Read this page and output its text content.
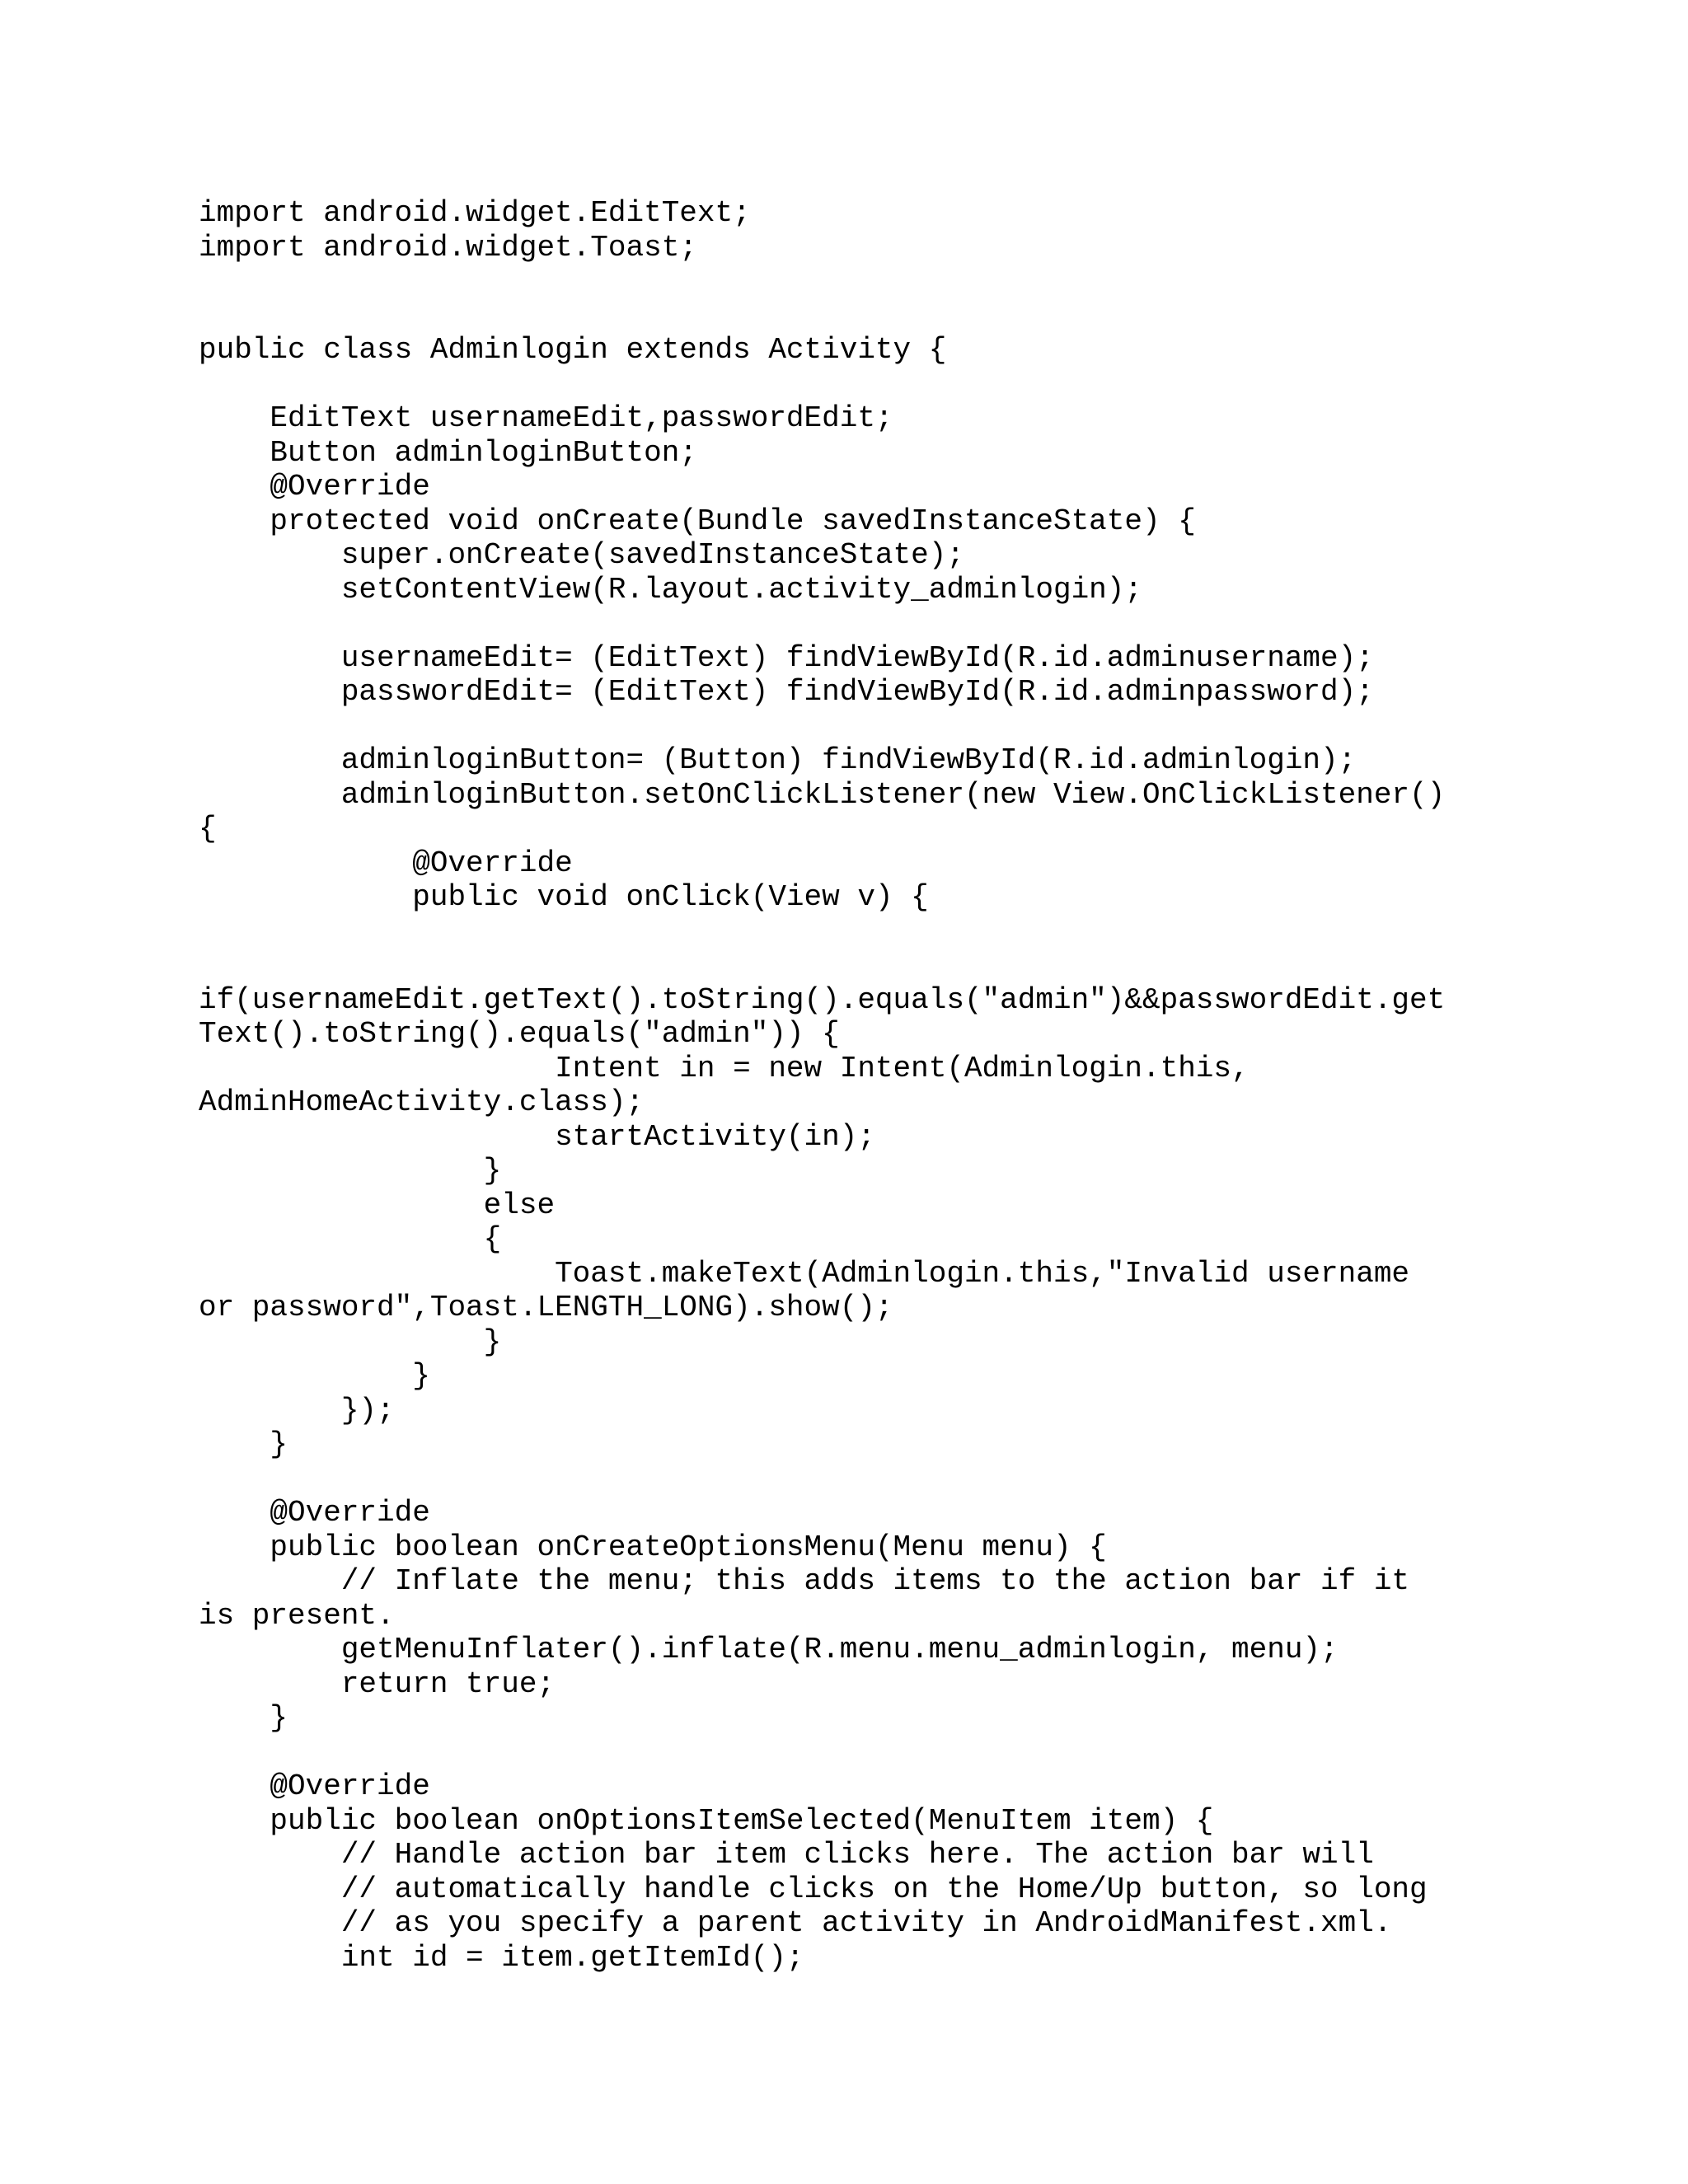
import android.widget.EditText;
import android.widget.Toast;
public class Adminlogin extends Activity {
EditText usernameEdit,passwordEdit;
Button adminloginButton;
@Override
protected void onCreate(Bundle savedInstanceState) {
super.onCreate(savedInstanceState);
setContentView(R.layout.activity_adminlogin);
usernameEdit= (EditText) findViewById(R.id.adminusername);
passwordEdit= (EditText) findViewById(R.id.adminpassword);
adminloginButton= (Button) findViewById(R.id.adminlogin);
adminloginButton.setOnClickListener(new View.OnClickListener()
{
@Override
public void onClick(View v) {
if(usernameEdit.getText().toString().equals("admin")&&passwordEdit.get
Text().toString().equals("admin")) {
Intent in = new Intent(Adminlogin.this,
AdminHomeActivity.class);
startActivity(in);
}
else
{
Toast.makeText(Adminlogin.this,"Invalid username
or password",Toast.LENGTH_LONG).show();
}
}
});
}
@Override
public boolean onCreateOptionsMenu(Menu menu) {
// Inflate the menu; this adds items to the action bar if it
is present.
getMenuInflater().inflate(R.menu.menu_adminlogin, menu);
return true;
}
@Override
public boolean onOptionsItemSelected(MenuItem item) {
// Handle action bar item clicks here. The action bar will
// automatically handle clicks on the Home/Up button, so long
// as you specify a parent activity in AndroidManifest.xml.
int id = item.getItemId();
